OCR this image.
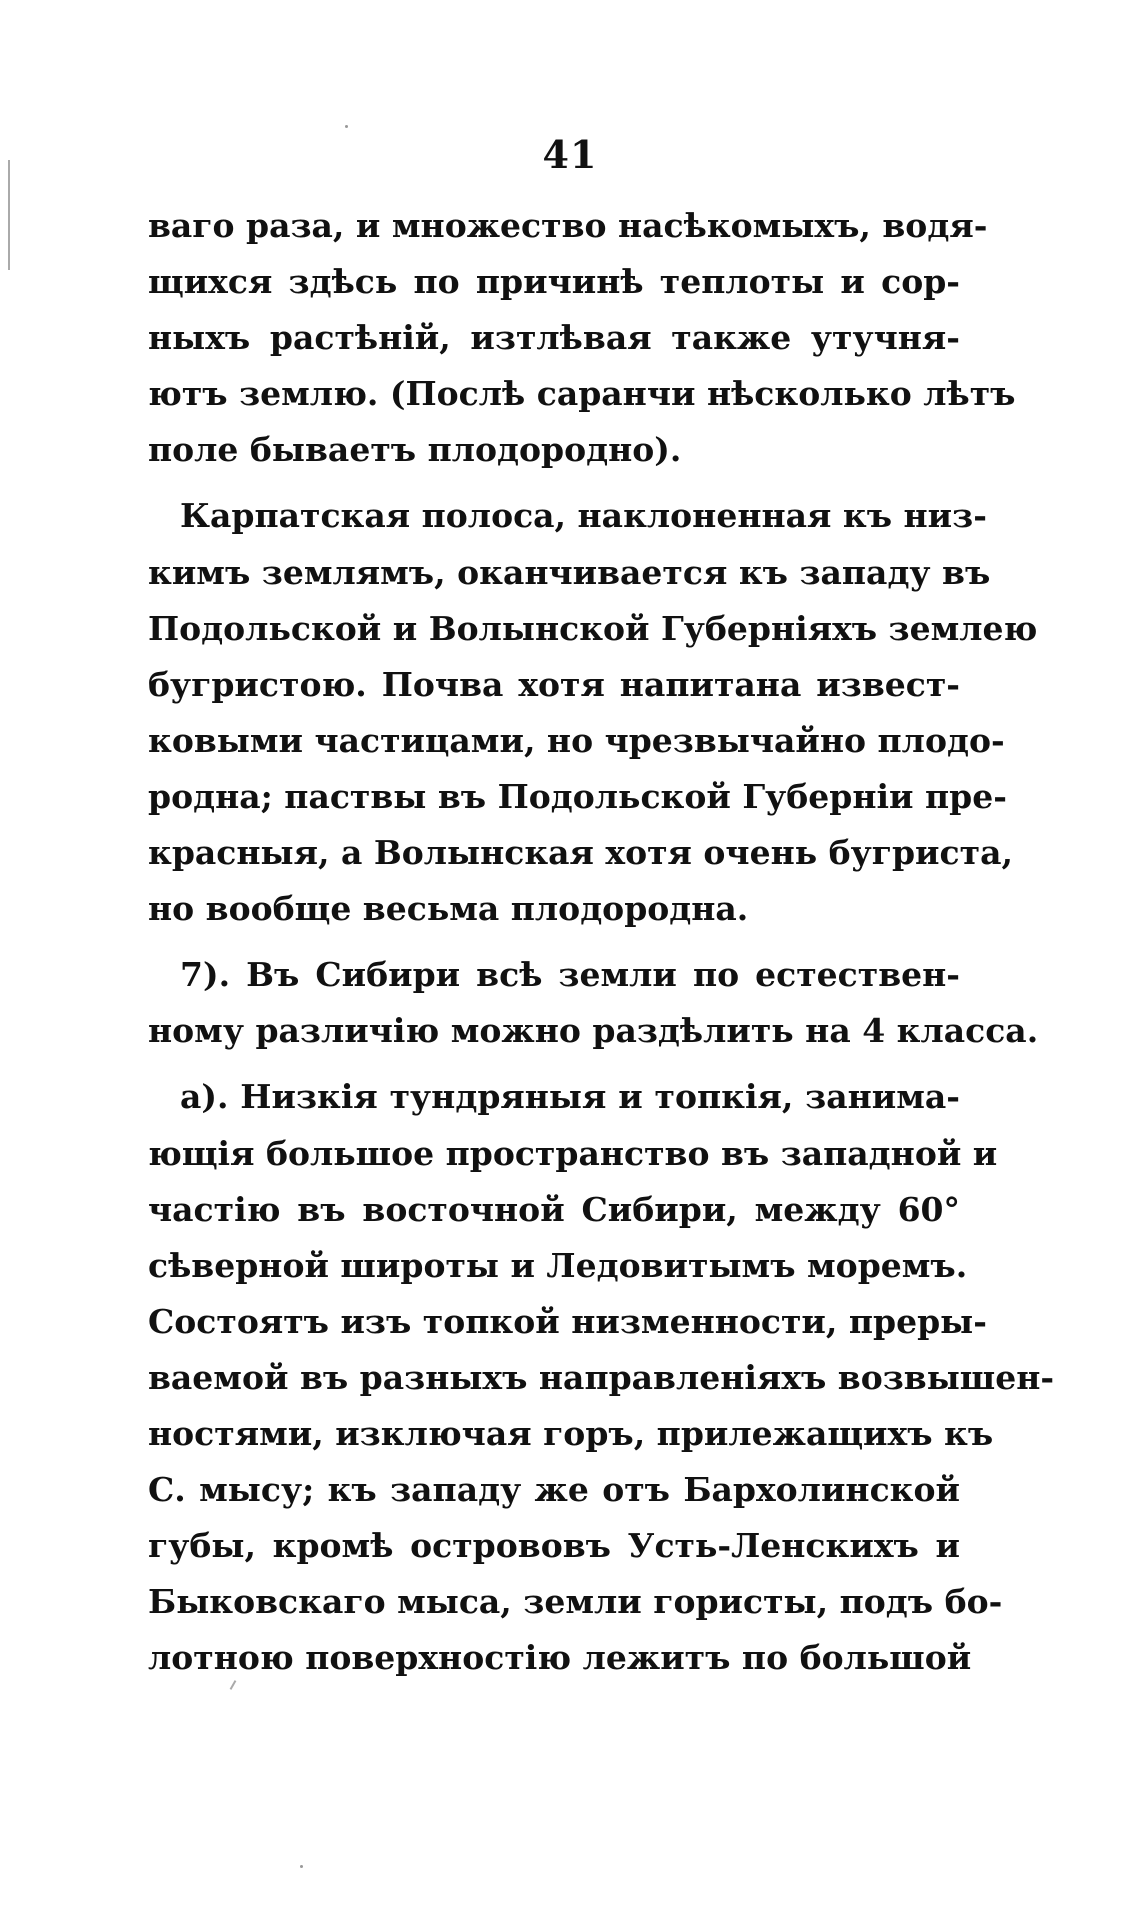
41
ваго раза, и множество насѣкомыхъ, водя-
щихся здѣсь по причинѣ теплоты и сор-
ныхъ растѣній, изтлѣвая также утучня-
ютъ землю. (Послѣ саранчи нѣсколько лѣтъ
поле бываетъ плодородно).
Карпатская полоса, наклоненная къ низ-
кимъ землямъ, оканчивается къ западу въ
Подольской и Волынской Губерніяхъ землею
бугристою. Почва хотя напитана извест-
ковыми частицами, но чрезвычайно плодо-
родна; паствы въ Подольской Губерніи пре-
красныя, а Волынская хотя очень бугриста,
но вообще весьма плодородна.
7). Въ Сибири всѣ земли по естествен-
ному различію можно раздѣлить на 4 класса.
а). Низкія тундряныя и топкія, занима-
ющія большое пространство въ западной и
частію въ восточной Сибири, между 60°
сѣверной широты и Ледовитымъ моремъ.
Состоятъ изъ топкой низменности, преры-
ваемой въ разныхъ направленіяхъ возвышен-
ностями, изключая горъ, прилежащихъ къ
С. мысу; къ западу же отъ Бархолинской
губы, кромѣ острововъ Усть-Ленскихъ и
Быковскаго мыса, земли гористы, подъ бо-
лотною поверхностію лежитъ по большой
